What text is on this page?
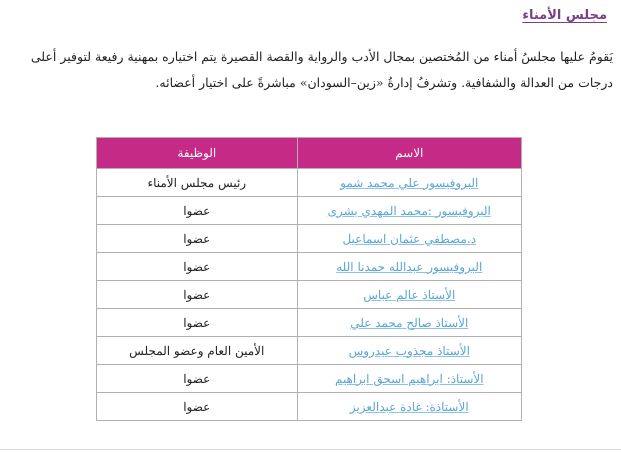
مجلس الأمناء
يَقومُ عليها مجلسُ أمناء من المُختصين بمجال الأدب والرواية والقصة القصيرة يتم اختياره بمهنية رفيعة لتوفير أعلى درجات من العدالة والشفافية. وتشرفُ إدارةُ «زين–السودان» مباشرةً على اختيار أعضائه.
الاسم	الوظيفة
البروفيسور علي محمد شمو	رئيس مجلس الأمناء
البروفيسور :محمد المهدي بشرى	عضوا
د.مصطفي عثمان اسماعيل	عضوا
البروفيسور عبدالله حمدنا الله	عضوا
الأستاذ عالم عباس	عضوا
الأستاذ صالح محمد علي	عضوا
الأستاذ مجذوب عيدروس	الأمين العام وعضو المجلس
الأستاذ: ابراهيم اسحق ابراهيم	عضوا
الأستاذة: غادة عبدالعزيز	عضوا
